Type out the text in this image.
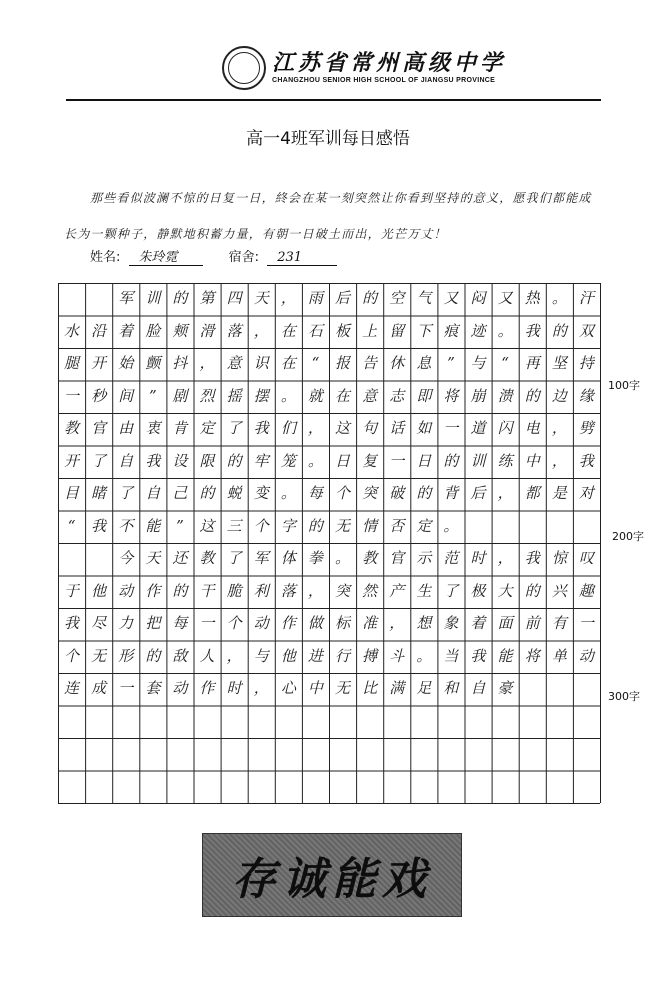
江苏省常州高级中学
CHANGZHOU SENIOR HIGH SCHOOL OF JIANGSU PROVINCE
高一4班军训每日感悟
那些看似波澜不惊的日复一日，終会在某一刻突然让你看到坚持的意义，愿我们都能成长为一颗种子，静默地积蓄力量，有朝一日破土而出，光芒万丈！
姓名: 朱玲霓	宿舍: 231
军 训 的 第 四 天 ， 雨 后 的 空 气 又 闷 又 热 。 汗
水 沿 着 脸 颊 滑 落 ， 在 石 板 上 留 下 痕 迹 。 我 的 双
腿 开 始 颤 抖 ， 意 识 在	“	报 告 休 息	”	与	“	再 坚 持
一 秒 间	”	剧 烈 摇 摆 。 就 在 意 志 即 将 崩 溃 的 边 缘
教 官 由 衷 肯 定 了 我 们 ， 这 句 话 如 一 道 闪 电 ， 劈
开 了 自 我 设 限 的 牢 笼 。 日 复 一 日 的 训 练 中 ， 我
目 睹 了 自 己 的 蜕 变 。 每 个 突 破 的 背 后 ， 都 是 对
“	我 不 能	”	这 三 个 字 的 无 情 否 定 。
今 天 还 教 了 军 体 拳 。 教 官 示 范 时 ， 我 惊 叹
于 他 动 作 的 干 脆 利 落 ， 突 然 产 生 了 极 大 的 兴 趣
我 尽 力 把 每 一 个 动 作 做 标 准 ， 想 象 着 面 前 有 一
个 无 形 的 敌 人 ， 与 他 进 行 搏 斗 。 当 我 能 将 单 动
连 成 一 套 动 作 时 ， 心 中 无 比 满 足 和 自 豪
100字
200字
300字
存诚能戏
